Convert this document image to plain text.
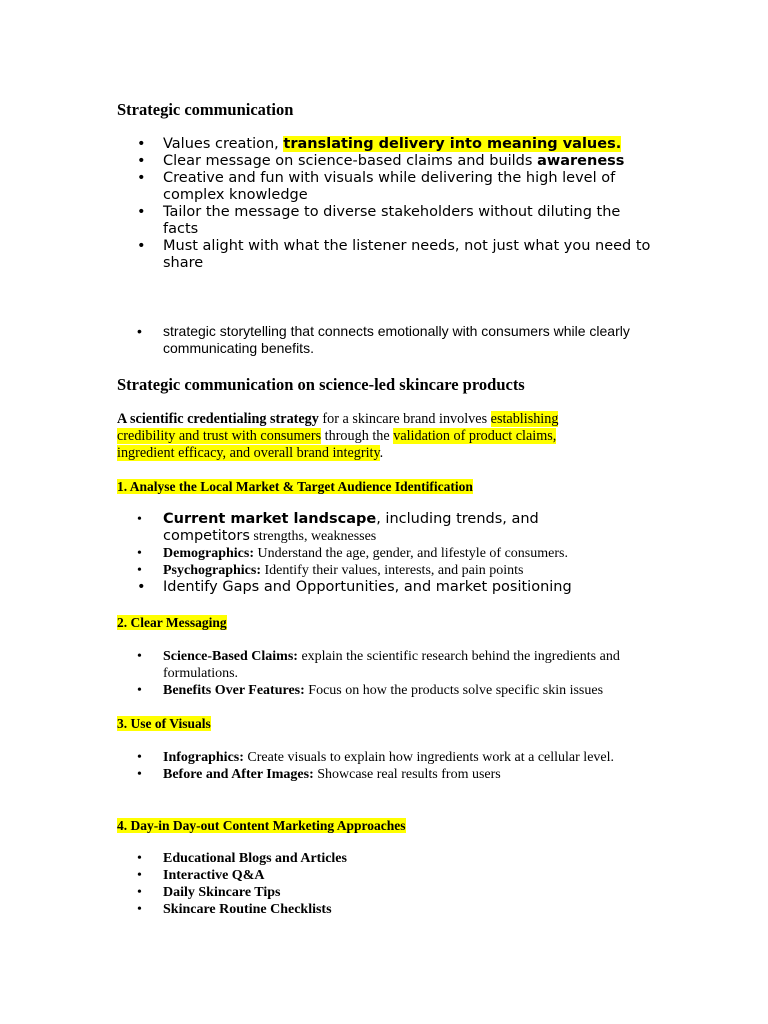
Strategic communication
• Values creation, translating delivery into meaning values.
• Clear message on science-based claims and builds awareness
• Creative and fun with visuals while delivering the high level of complex knowledge
• Tailor the message to diverse stakeholders without diluting the facts
• Must alight with what the listener needs, not just what you need to share
• strategic storytelling that connects emotionally with consumers while clearly communicating benefits.
Strategic communication on science-led skincare products

A scientific credentialing strategy for a skincare brand involves establishing credibility and trust with consumers through the validation of product claims, ingredient efficacy, and overall brand integrity.

1. Analyse the Local Market & Target Audience Identification
• Current market landscape, including trends, and competitors strengths, weaknesses
• Demographics: Understand the age, gender, and lifestyle of consumers.
• Psychographics: Identify their values, interests, and pain points
• Identify Gaps and Opportunities, and market positioning
2. Clear Messaging
• Science-Based Claims: explain the scientific research behind the ingredients and formulations.
• Benefits Over Features: Focus on how the products solve specific skin issues
3. Use of Visuals
• Infographics: Create visuals to explain how ingredients work at a cellular level.
• Before and After Images: Showcase real results from users
4. Day-in Day-out Content Marketing Approaches
• Educational Blogs and Articles
• Interactive Q&A
• Daily Skincare Tips
• Skincare Routine Checklists
